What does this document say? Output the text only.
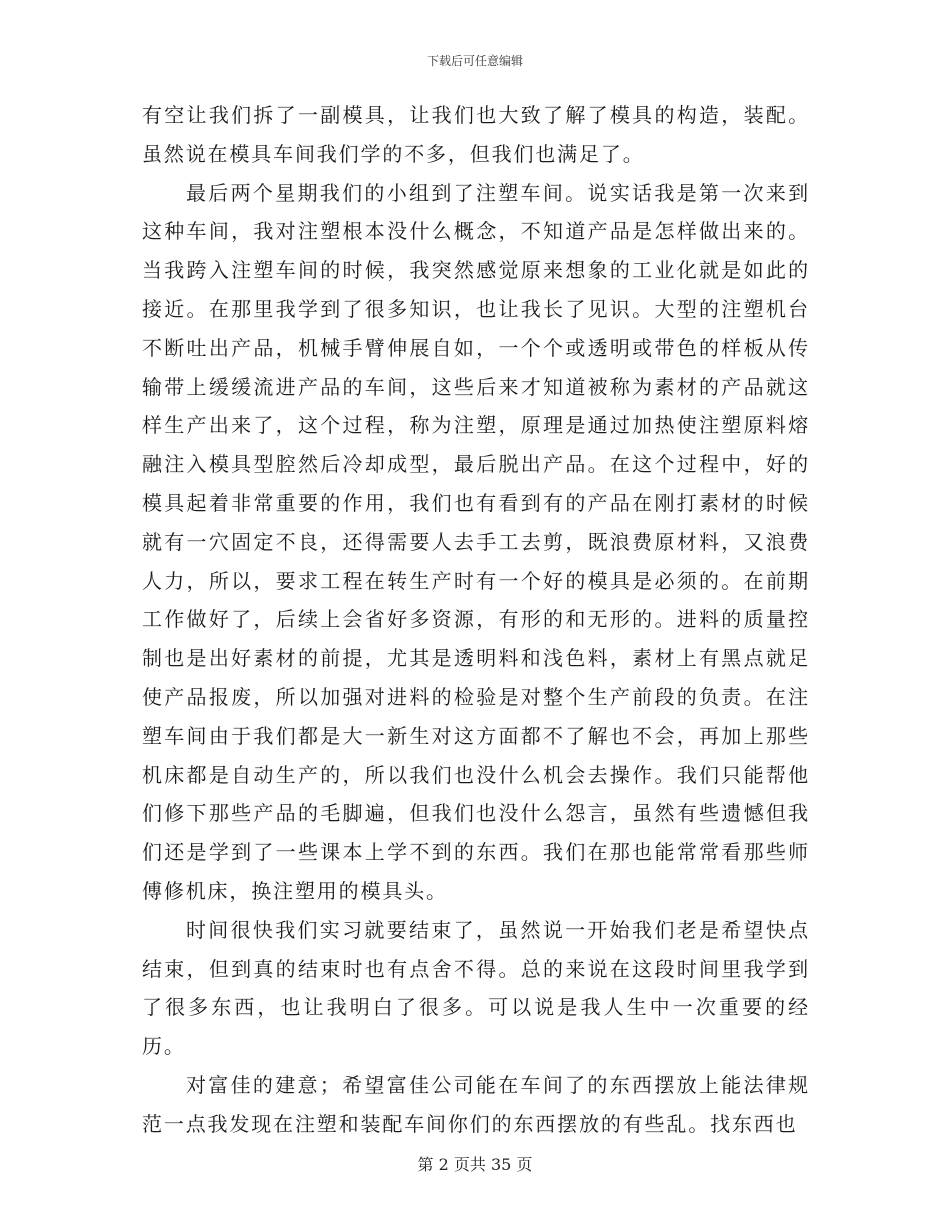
下载后可任意编辑

有空让我们拆了一副模具，让我们也大致了解了模具的构造，装配。虽然说在模具车间我们学的不多，但我们也满足了。

最后两个星期我们的小组到了注塑车间。说实话我是第一次来到这种车间，我对注塑根本没什么概念，不知道产品是怎样做出来的。当我跨入注塑车间的时候，我突然感觉原来想象的工业化就是如此的接近。在那里我学到了很多知识，也让我长了见识。大型的注塑机台不断吐出产品，机械手臂伸展自如，一个个或透明或带色的样板从传输带上缓缓流进产品的车间，这些后来才知道被称为素材的产品就这样生产出来了，这个过程，称为注塑，原理是通过加热使注塑原料熔融注入模具型腔然后冷却成型，最后脱出产品。在这个过程中，好的模具起着非常重要的作用，我们也有看到有的产品在刚打素材的时候就有一穴固定不良，还得需要人去手工去剪，既浪费原材料，又浪费人力，所以，要求工程在转生产时有一个好的模具是必须的。在前期工作做好了，后续上会省好多资源，有形的和无形的。进料的质量控制也是出好素材的前提，尤其是透明料和浅色料，素材上有黑点就足使产品报废，所以加强对进料的检验是对整个生产前段的负责。在注塑车间由于我们都是大一新生对这方面都不了解也不会，再加上那些机床都是自动生产的，所以我们也没什么机会去操作。我们只能帮他们修下那些产品的毛脚遍，但我们也没什么怨言，虽然有些遗憾但我们还是学到了一些课本上学不到的东西。我们在那也能常常看那些师傅修机床，换注塑用的模具头。

时间很快我们实习就要结束了，虽然说一开始我们老是希望快点结束，但到真的结束时也有点舍不得。总的来说在这段时间里我学到了很多东西，也让我明白了很多。可以说是我人生中一次重要的经历。

对富佳的建意；希望富佳公司能在车间了的东西摆放上能法律规范一点我发现在注塑和装配车间你们的东西摆放的有些乱。找东西也

第 2 页共 35 页
